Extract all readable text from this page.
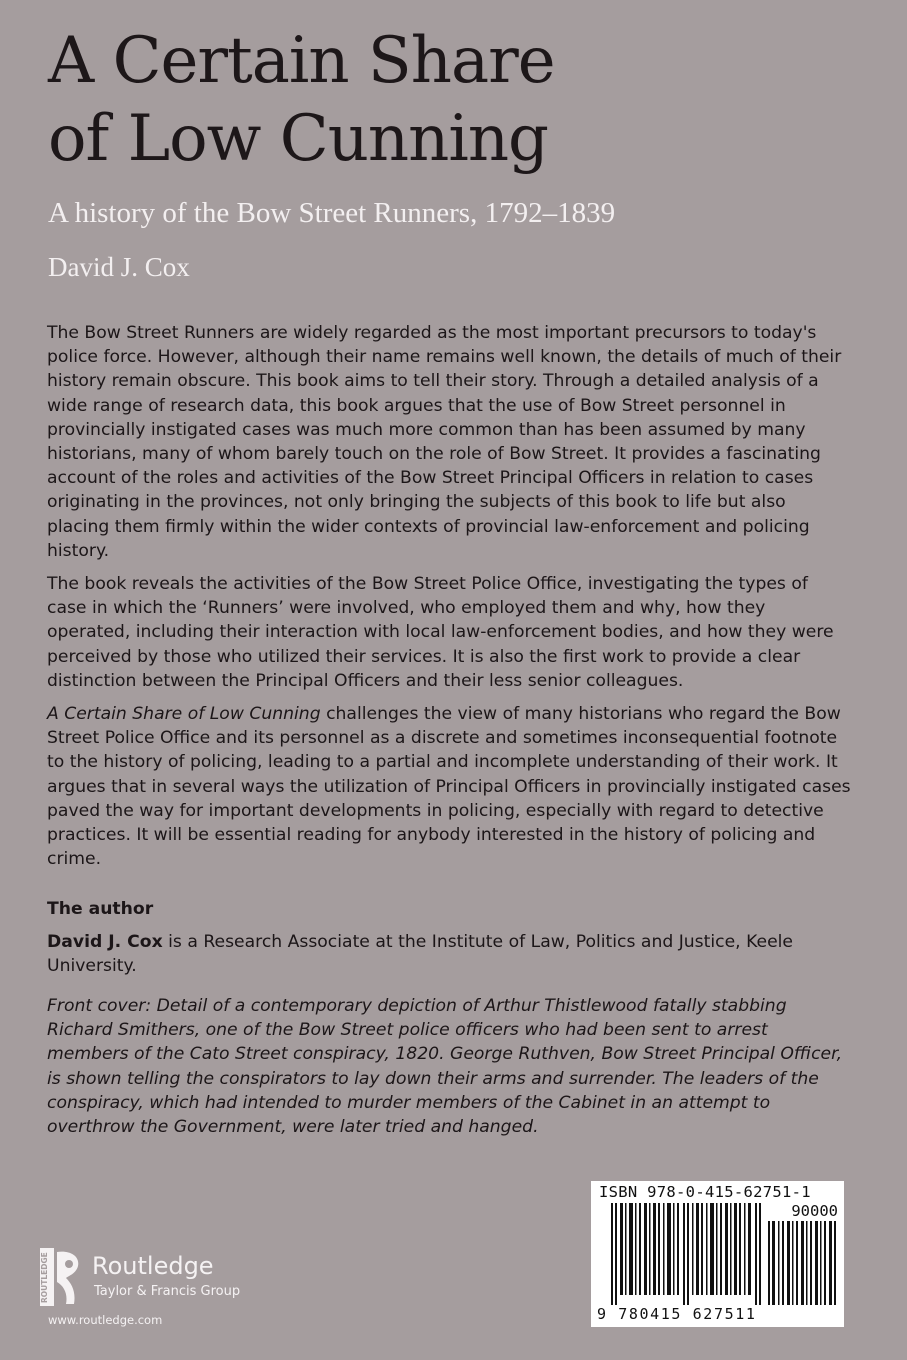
A Certain Share
of Low Cunning
A history of the Bow Street Runners, 1792–1839
David J. Cox

The Bow Street Runners are widely regarded as the most important precursors to today's police force. However, although their name remains well known, the details of much of their history remain obscure. This book aims to tell their story. Through a detailed analysis of a wide range of research data, this book argues that the use of Bow Street personnel in provincially instigated cases was much more common than has been assumed by many historians, many of whom barely touch on the role of Bow Street. It provides a fascinating account of the roles and activities of the Bow Street Principal Officers in relation to cases originating in the provinces, not only bringing the subjects of this book to life but also placing them firmly within the wider contexts of provincial law-enforcement and policing history.

The book reveals the activities of the Bow Street Police Office, investigating the types of case in which the ‘Runners’ were involved, who employed them and why, how they operated, including their interaction with local law-enforcement bodies, and how they were perceived by those who utilized their services. It is also the first work to provide a clear distinction between the Principal Officers and their less senior colleagues.

A Certain Share of Low Cunning challenges the view of many historians who regard the Bow Street Police Office and its personnel as a discrete and sometimes inconsequential footnote to the history of policing, leading to a partial and incomplete understanding of their work. It argues that in several ways the utilization of Principal Officers in provincially instigated cases paved the way for important developments in policing, especially with regard to detective practices. It will be essential reading for anybody interested in the history of policing and crime.

The author

David J. Cox is a Research Associate at the Institute of Law, Politics and Justice, Keele University.

Front cover: Detail of a contemporary depiction of Arthur Thistlewood fatally stabbing Richard Smithers, one of the Bow Street police officers who had been sent to arrest members of the Cato Street conspiracy, 1820. George Ruthven, Bow Street Principal Officer, is shown telling the conspirators to lay down their arms and surrender. The leaders of the conspiracy, which had intended to murder members of the Cabinet in an attempt to overthrow the Government, were later tried and hanged.

ROUTLEDGE Routledge
Taylor & Francis Group
www.routledge.com
ISBN 978-0-415-62751-1
90000
9 780415 627511
